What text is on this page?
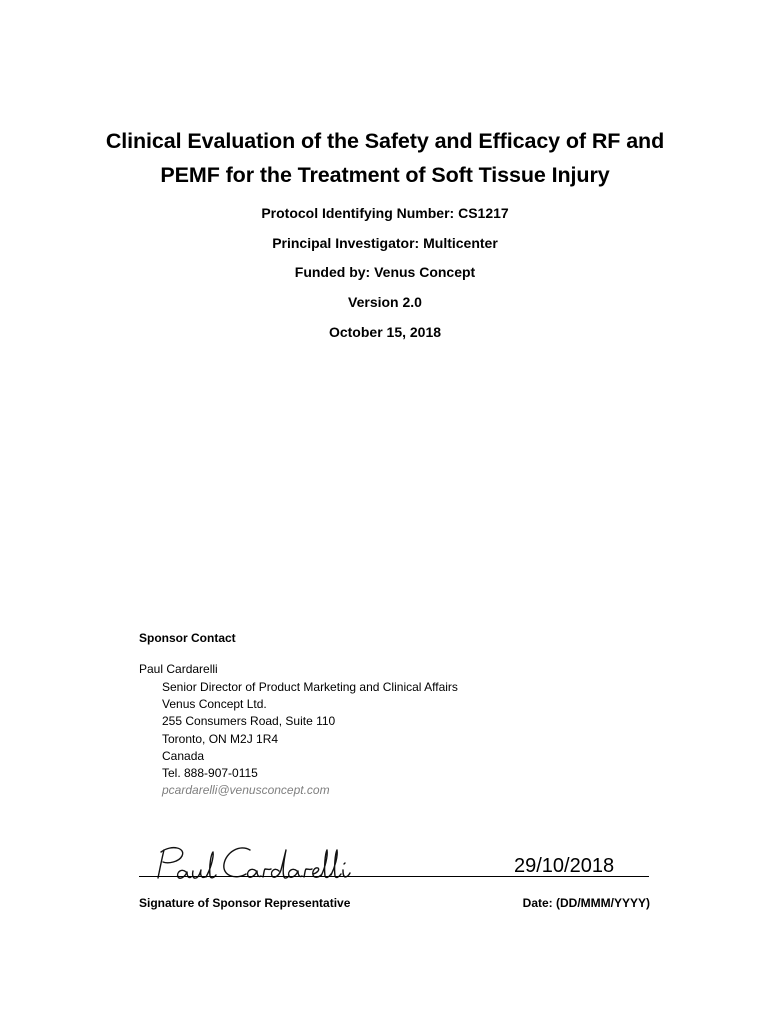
Clinical Evaluation of the Safety and Efficacy of RF and
PEMF for the Treatment of Soft Tissue Injury
Protocol Identifying Number: CS1217
Principal Investigator: Multicenter
Funded by: Venus Concept
Version 2.0
October 15, 2018
Sponsor Contact
Paul Cardarelli
Senior Director of Product Marketing and Clinical Affairs
Venus Concept Ltd.
255 Consumers Road, Suite 110
Toronto, ON M2J 1R4
Canada
Tel. 888-907-0115
pcardarelli@venusconcept.com
29/10/2018
Signature of Sponsor Representative	Date: (DD/MMM/YYYY)
